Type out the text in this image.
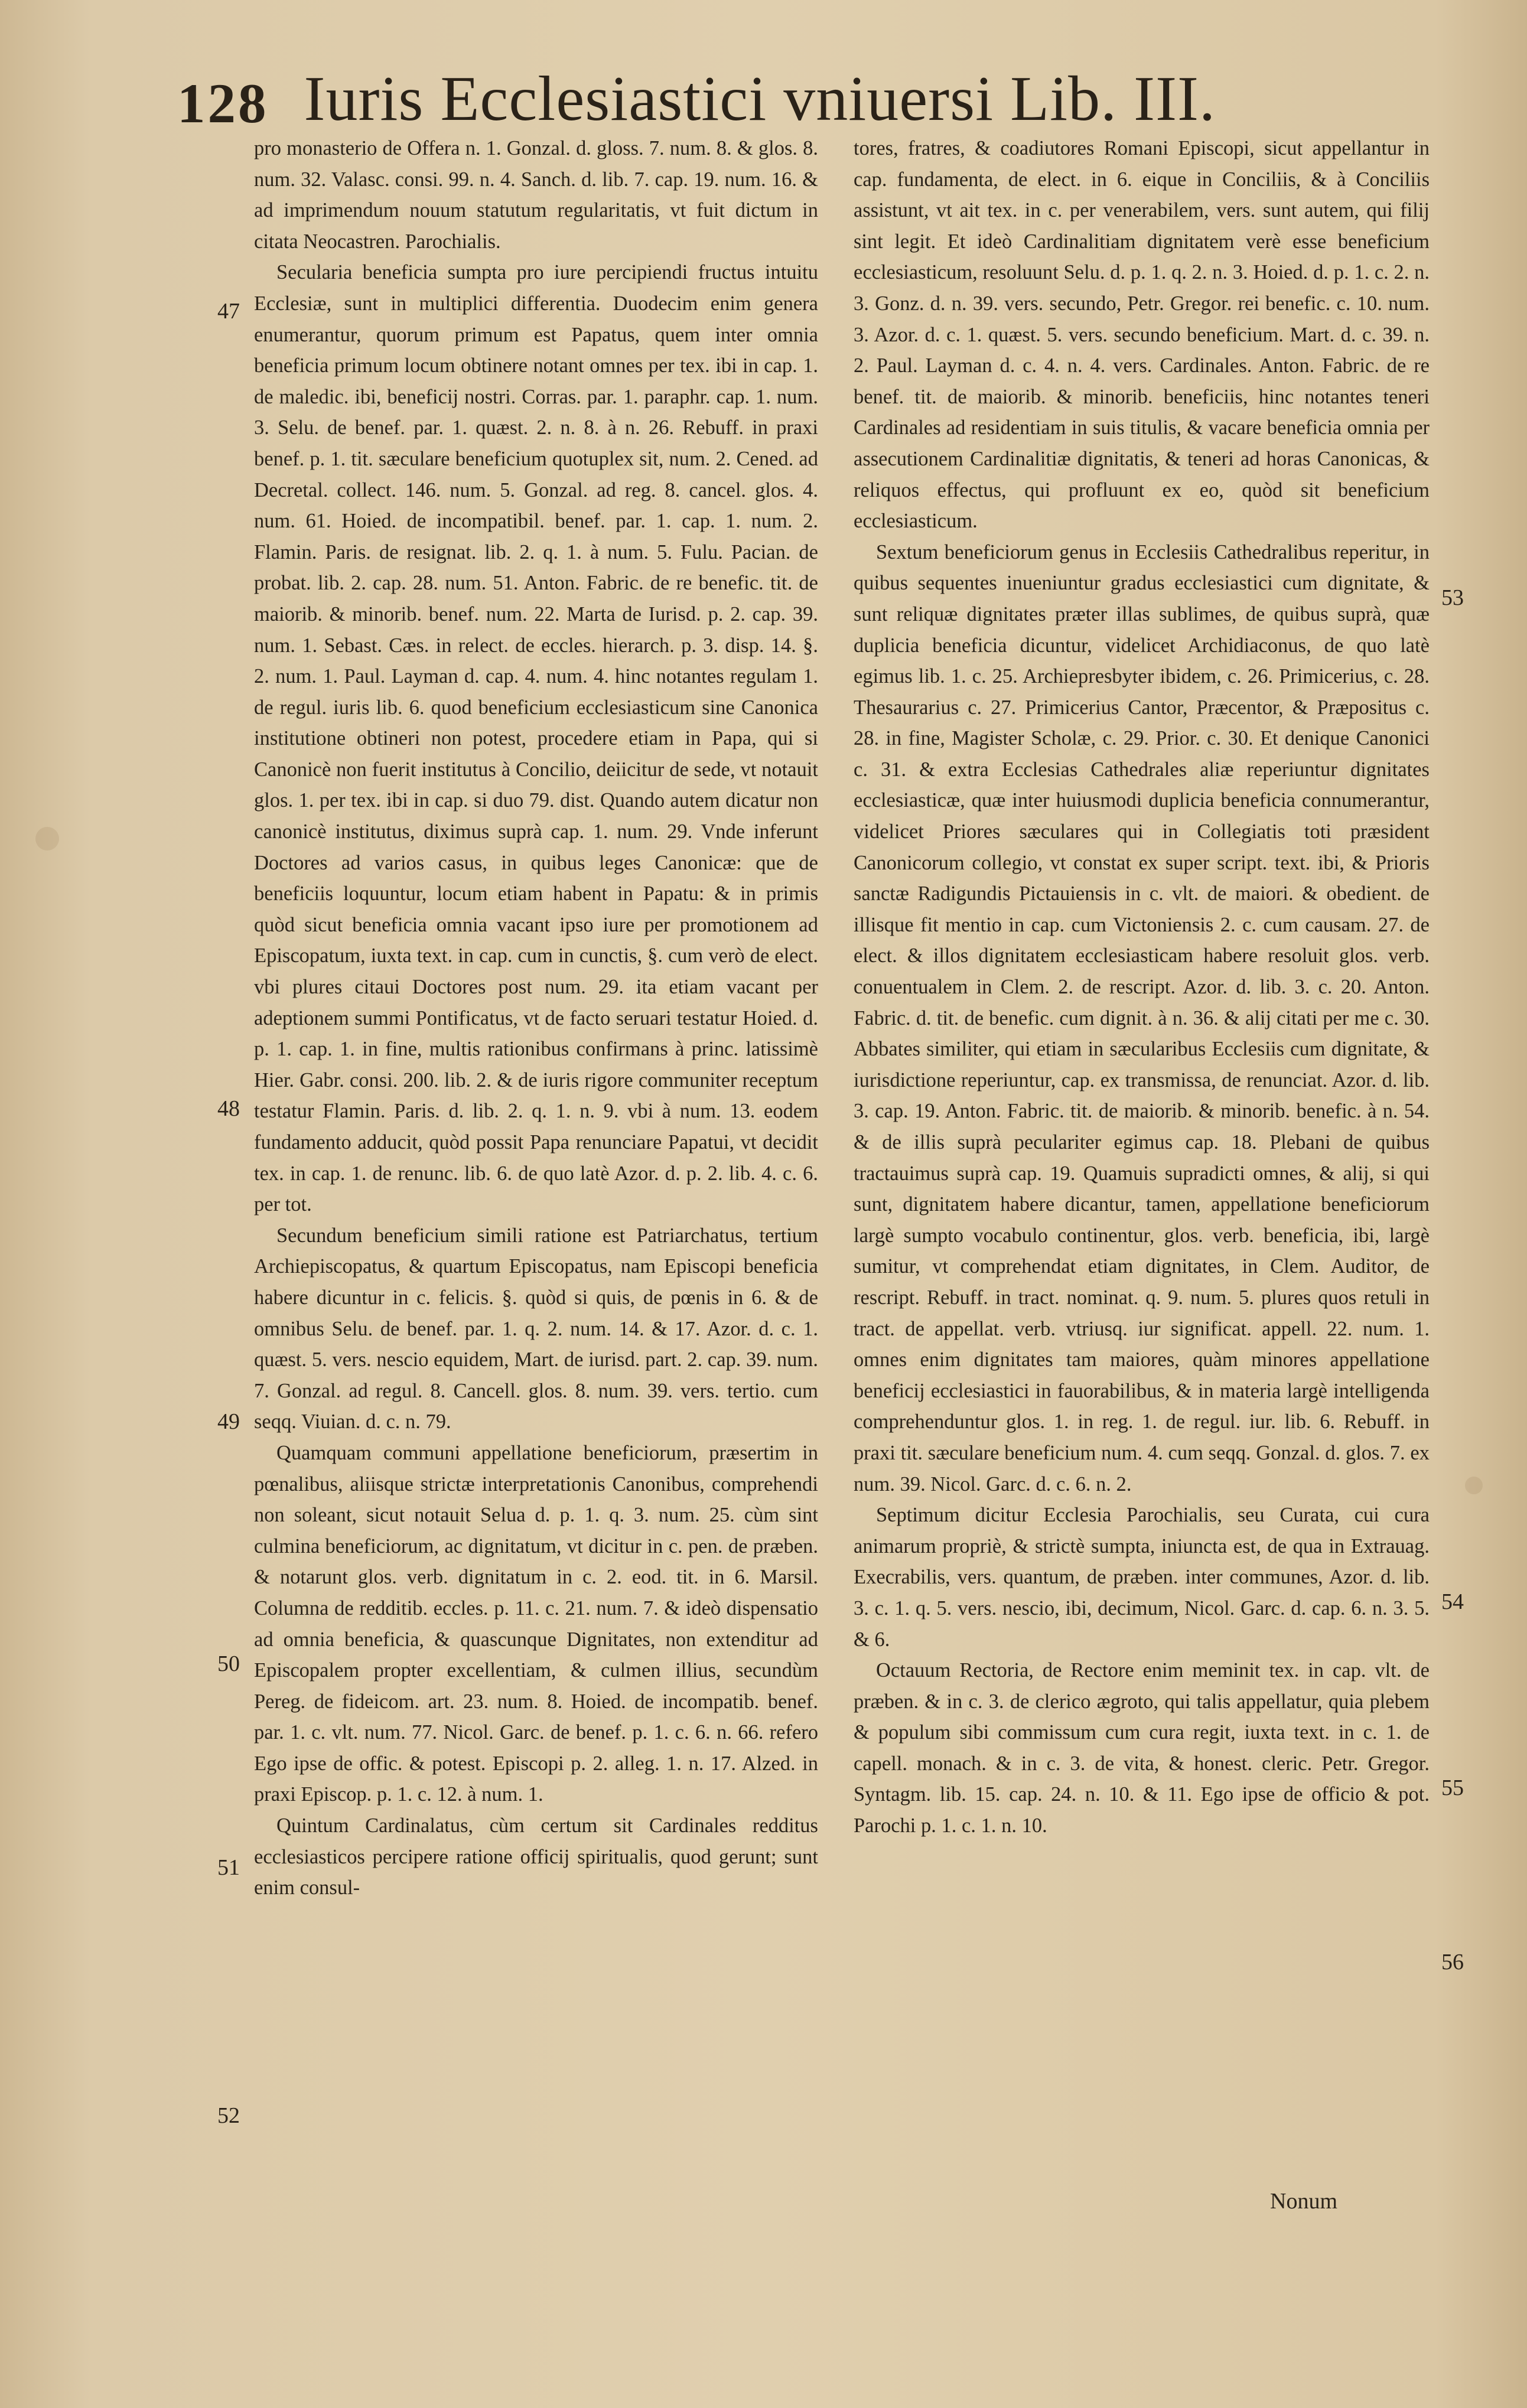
128 Iuris Ecclesiastici vniuersi Lib. III.

pro monasterio de Offera n. 1. Gonzal. d. gloss. 7. num. 8. & glos. 8. num. 32. Valasc. consi. 99. n. 4. Sanch. d. lib. 7. cap. 19. num. 16. & ad imprimendum nouum statutum regularitatis, vt fuit dictum in citata Neocastren. Parochialis.

Secularia beneficia sumpta pro iure percipiendi fructus intuitu Ecclesiæ, sunt in multiplici differentia. Duodecim enim genera enumerantur, quorum primum est Papatus, quem inter omnia beneficia primum locum obtinere notant omnes per tex. ibi in cap. 1. de maledic. ibi, beneficij nostri. Corras. par. 1. paraphr. cap. 1. num. 3. Selu. de benef. par. 1. quæst. 2. n. 8. à n. 26. Rebuff. in praxi benef. p. 1. tit. sæculare beneficium quotuplex sit, num. 2. Cened. ad Decretal. collect. 146. num. 5. Gonzal. ad reg. 8. cancel. glos. 4. num. 61. Hoied. de incompatibil. benef. par. 1. cap. 1. num. 2. Flamin. Paris. de resignat. lib. 2. q. 1. à num. 5. Fulu. Pacian. de probat. lib. 2. cap. 28. num. 51. Anton. Fabric. de re benefic. tit. de maiorib. & minorib. benef. num. 22. Marta de Iurisd. p. 2. cap. 39. num. 1. Sebast. Cæs. in relect. de eccles. hierarch. p. 3. disp. 14. §. 2. num. 1. Paul. Layman d. cap. 4. num. 4. hinc notantes regulam 1. de regul. iuris lib. 6. quod beneficium ecclesiasticum sine Canonica institutione obtineri non potest, procedere etiam in Papa, qui si Canonicè non fuerit institutus à Concilio, deiicitur de sede, vt notauit glos. 1. per tex. ibi in cap. si duo 79. dist. Quando autem dicatur non canonicè institutus, diximus suprà cap. 1. num. 29. Vnde inferunt Doctores ad varios casus, in quibus leges Canonicæ: que de beneficiis loquuntur, locum etiam habent in Papatu: & in primis quòd sicut beneficia omnia vacant ipso iure per promotionem ad Episcopatum, iuxta text. in cap. cum in cunctis, §. cum verò de elect. vbi plures citaui Doctores post num. 29. ita etiam vacant per adeptionem summi Pontificatus, vt de facto seruari testatur Hoied. d. p. 1. cap. 1. in fine, multis rationibus confirmans à princ. latissimè Hier. Gabr. consi. 200. lib. 2. & de iuris rigore communiter receptum testatur Flamin. Paris. d. lib. 2. q. 1. n. 9. vbi à num. 13. eodem fundamento adducit, quòd possit Papa renunciare Papatui, vt decidit tex. in cap. 1. de renunc. lib. 6. de quo latè Azor. d. p. 2. lib. 4. c. 6. per tot.

Secundum beneficium simili ratione est Patriarchatus, tertium Archiepiscopatus, & quartum Episcopatus, nam Episcopi beneficia habere dicuntur in c. felicis. §. quòd si quis, de pœnis in 6. & de omnibus Selu. de benef. par. 1. q. 2. num. 14. & 17. Azor. d. c. 1. quæst. 5. vers. nescio equidem, Mart. de iurisd. part. 2. cap. 39. num. 7. Gonzal. ad regul. 8. Cancell. glos. 8. num. 39. vers. tertio. cum seqq. Viuian. d. c. n. 79.

Quamquam communi appellatione beneficiorum, præsertim in pœnalibus, aliisque strictæ interpretationis Canonibus, comprehendi non soleant, sicut notauit Selua d. p. 1. q. 3. num. 25. cùm sint culmina beneficiorum, ac dignitatum, vt dicitur in c. pen. de præben. & notarunt glos. verb. dignitatum in c. 2. eod. tit. in 6. Marsil. Columna de redditib. eccles. p. 11. c. 21. num. 7. & ideò dispensatio ad omnia beneficia, & quascunque Dignitates, non extenditur ad Episcopalem propter excellentiam, & culmen illius, secundùm Pereg. de fideicom. art. 23. num. 8. Hoied. de incompatib. benef. par. 1. c. vlt. num. 77. Nicol. Garc. de benef. p. 1. c. 6. n. 66. refero Ego ipse de offic. & potest. Episcopi p. 2. alleg. 1. n. 17. Alzed. in praxi Episcop. p. 1. c. 12. à num. 1.

Quintum Cardinalatus, cùm certum sit Cardinales redditus ecclesiasticos percipere ratione officij spiritualis, quod gerunt; sunt enim consul-

tores, fratres, & coadiutores Romani Episcopi, sicut appellantur in cap. fundamenta, de elect. in 6. eique in Conciliis, & à Conciliis assistunt, vt ait tex. in c. per venerabilem, vers. sunt autem, qui filij sint legit. Et ideò Cardinalitiam dignitatem verè esse beneficium ecclesiasticum, resoluunt Selu. d. p. 1. q. 2. n. 3. Hoied. d. p. 1. c. 2. n. 3. Gonz. d. n. 39. vers. secundo, Petr. Gregor. rei benefic. c. 10. num. 3. Azor. d. c. 1. quæst. 5. vers. secundo beneficium. Mart. d. c. 39. n. 2. Paul. Layman d. c. 4. n. 4. vers. Cardinales. Anton. Fabric. de re benef. tit. de maiorib. & minorib. beneficiis, hinc notantes teneri Cardinales ad residentiam in suis titulis, & vacare beneficia omnia per assecutionem Cardinalitiæ dignitatis, & teneri ad horas Canonicas, & reliquos effectus, qui profluunt ex eo, quòd sit beneficium ecclesiasticum.

Sextum beneficiorum genus in Ecclesiis Cathedralibus reperitur, in quibus sequentes inueniuntur gradus ecclesiastici cum dignitate, & sunt reliquæ dignitates præter illas sublimes, de quibus suprà, quæ duplicia beneficia dicuntur, videlicet Archidiaconus, de quo latè egimus lib. 1. c. 25. Archiepresbyter ibidem, c. 26. Primicerius, c. 28. Thesaurarius c. 27. Primicerius Cantor, Præcentor, & Præpositus c. 28. in fine, Magister Scholæ, c. 29. Prior. c. 30. Et denique Canonici c. 31. & extra Ecclesias Cathedrales aliæ reperiuntur dignitates ecclesiasticæ, quæ inter huiusmodi duplicia beneficia connumerantur, videlicet Priores sæculares qui in Collegiatis toti præsident Canonicorum collegio, vt constat ex super script. text. ibi, & Prioris sanctæ Radigundis Pictauiensis in c. vlt. de maiori. & obedient. de illisque fit mentio in cap. cum Victoniensis 2. c. cum causam. 27. de elect. & illos dignitatem ecclesiasticam habere resoluit glos. verb. conuentualem in Clem. 2. de rescript. Azor. d. lib. 3. c. 20. Anton. Fabric. d. tit. de benefic. cum dignit. à n. 36. & alij citati per me c. 30. Abbates similiter, qui etiam in sæcularibus Ecclesiis cum dignitate, & iurisdictione reperiuntur, cap. ex transmissa, de renunciat. Azor. d. lib. 3. cap. 19. Anton. Fabric. tit. de maiorib. & minorib. benefic. à n. 54. & de illis suprà peculariter egimus cap. 18. Plebani de quibus tractauimus suprà cap. 19. Quamuis supradicti omnes, & alij, si qui sunt, dignitatem habere dicantur, tamen, appellatione beneficiorum largè sumpto vocabulo continentur, glos. verb. beneficia, ibi, largè sumitur, vt comprehendat etiam dignitates, in Clem. Auditor, de rescript. Rebuff. in tract. nominat. q. 9. num. 5. plures quos retuli in tract. de appellat. verb. vtriusq. iur significat. appell. 22. num. 1. omnes enim dignitates tam maiores, quàm minores appellatione beneficij ecclesiastici in fauorabilibus, & in materia largè intelligenda comprehenduntur glos. 1. in reg. 1. de regul. iur. lib. 6. Rebuff. in praxi tit. sæculare beneficium num. 4. cum seqq. Gonzal. d. glos. 7. ex num. 39. Nicol. Garc. d. c. 6. n. 2.

Septimum dicitur Ecclesia Parochialis, seu Curata, cui cura animarum propriè, & strictè sumpta, iniuncta est, de qua in Extrauag. Execrabilis, vers. quantum, de præben. inter communes, Azor. d. lib. 3. c. 1. q. 5. vers. nescio, ibi, decimum, Nicol. Garc. d. cap. 6. n. 3. 5. & 6.

Octauum Rectoria, de Rectore enim meminit tex. in cap. vlt. de præben. & in c. 3. de clerico ægroto, qui talis appellatur, quia plebem & populum sibi commissum cum cura regit, iuxta text. in c. 1. de capell. monach. & in c. 3. de vita, & honest. cleric. Petr. Gregor. Syntagm. lib. 15. cap. 24. n. 10. & 11. Ego ipse de officio & pot. Parochi p. 1. c. 1. n. 10.

47
48
49
50
51
52
53
54
55
56
Nonum
